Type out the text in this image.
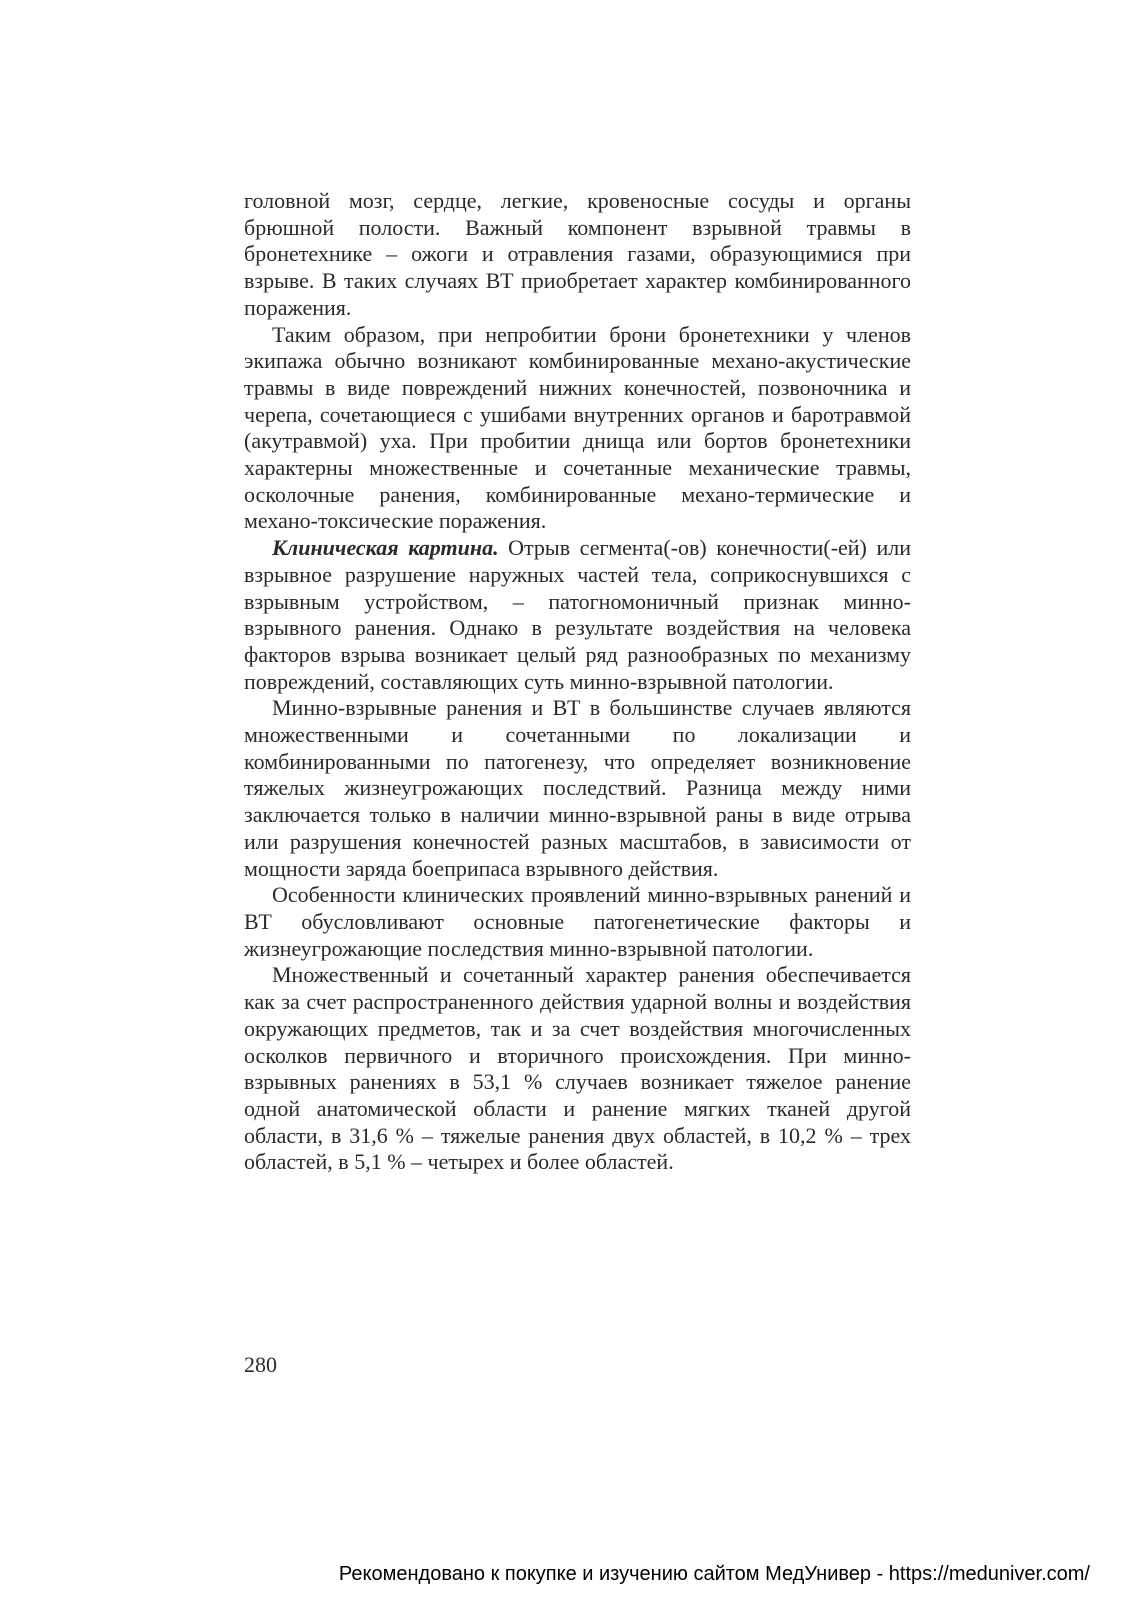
головной мозг, сердце, легкие, кровеносные сосуды и органы брюшной полости. Важный компонент взрывной травмы в бронетехнике – ожоги и отравления газами, образующимися при взрыве. В таких случаях ВТ приобретает характер комбинированного поражения.

Таким образом, при непробитии брони бронетехники у членов экипажа обычно возникают комбинированные механо-акустические травмы в виде повреждений нижних конечностей, позвоночника и черепа, сочетающиеся с ушибами внутренних органов и баротравмой (акутравмой) уха. При пробитии днища или бортов бронетехники характерны множественные и сочетанные механические травмы, осколочные ранения, комбинированные механо-термические и механо-токсические поражения.

Клиническая картина. Отрыв сегмента(-ов) конечности(-ей) или взрывное разрушение наружных частей тела, соприкоснувшихся с взрывным устройством, – патогномоничный признак минно-взрывного ранения. Однако в результате воздействия на человека факторов взрыва возникает целый ряд разнообразных по механизму повреждений, составляющих суть минно-взрывной патологии.

Минно-взрывные ранения и ВТ в большинстве случаев являются множественными и сочетанными по локализации и комбинированными по патогенезу, что определяет возникновение тяжелых жизнеугрожающих последствий. Разница между ними заключается только в наличии минно-взрывной раны в виде отрыва или разрушения конечностей разных масштабов, в зависимости от мощности заряда боеприпаса взрывного действия.

Особенности клинических проявлений минно-взрывных ранений и ВТ обусловливают основные патогенетические факторы и жизнеугрожающие последствия минно-взрывной патологии.

Множественный и сочетанный характер ранения обеспечивается как за счет распространенного действия ударной волны и воздействия окружающих предметов, так и за счет воздействия многочисленных осколков первичного и вторичного происхождения. При минно-взрывных ранениях в 53,1 % случаев возникает тяжелое ранение одной анатомической области и ранение мягких тканей другой области, в 31,6 % – тяжелые ранения двух областей, в 10,2 % – трех областей, в 5,1 % – четырех и более областей.

280
Рекомендовано к покупке и изучению сайтом МедУнивер - https://meduniver.com/
